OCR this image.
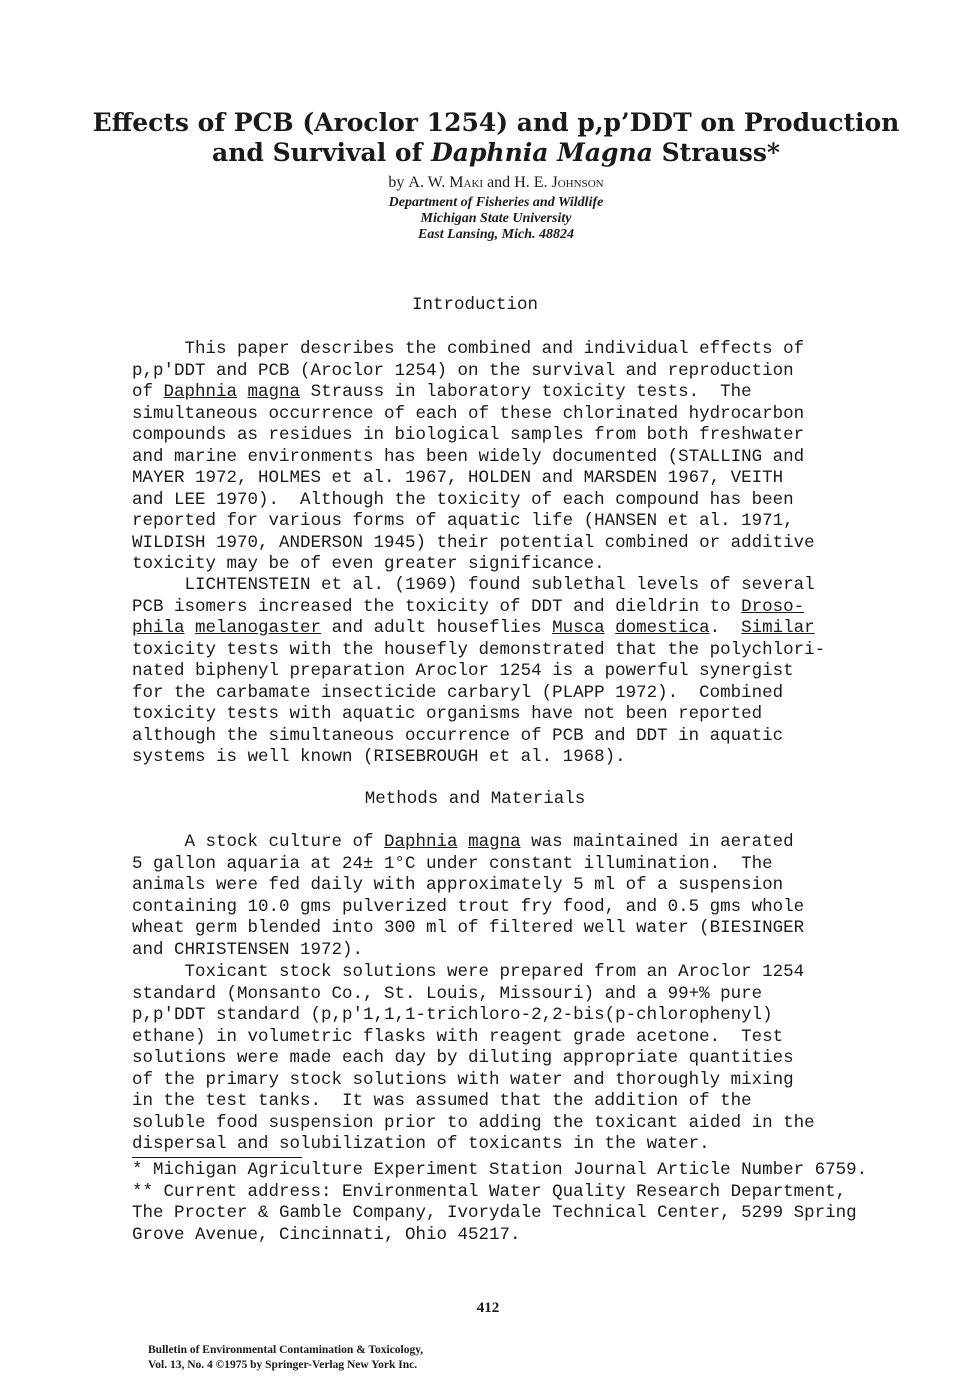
Effects of PCB (Aroclor 1254) and p,p’DDT on Production
and Survival of Daphnia Magna Strauss*
by A. W. Maki and H. E. Johnson
Department of Fisheries and Wildlife
Michigan State University
East Lansing, Mich. 48824
Introduction
This paper describes the combined and individual effects of
p,p'DDT and PCB (Aroclor 1254) on the survival and reproduction
of Daphnia magna Strauss in laboratory toxicity tests.  The
simultaneous occurrence of each of these chlorinated hydrocarbon
compounds as residues in biological samples from both freshwater
and marine environments has been widely documented (STALLING and
MAYER 1972, HOLMES et al. 1967, HOLDEN and MARSDEN 1967, VEITH
and LEE 1970).  Although the toxicity of each compound has been
reported for various forms of aquatic life (HANSEN et al. 1971,
WILDISH 1970, ANDERSON 1945) their potential combined or additive
toxicity may be of even greater significance.
LICHTENSTEIN et al. (1969) found sublethal levels of several
PCB isomers increased the toxicity of DDT and dieldrin to Droso-
phila melanogaster and adult houseflies Musca domestica.  Similar
toxicity tests with the housefly demonstrated that the polychlori-
nated biphenyl preparation Aroclor 1254 is a powerful synergist
for the carbamate insecticide carbaryl (PLAPP 1972).  Combined
toxicity tests with aquatic organisms have not been reported
although the simultaneous occurrence of PCB and DDT in aquatic
systems is well known (RISEBROUGH et al. 1968).
Methods and Materials
A stock culture of Daphnia magna was maintained in aerated
5 gallon aquaria at 24± 1°C under constant illumination.  The
animals were fed daily with approximately 5 ml of a suspension
containing 10.0 gms pulverized trout fry food, and 0.5 gms whole
wheat germ blended into 300 ml of filtered well water (BIESINGER
and CHRISTENSEN 1972).
Toxicant stock solutions were prepared from an Aroclor 1254
standard (Monsanto Co., St. Louis, Missouri) and a 99+% pure
p,p'DDT standard (p,p'1,1,1-trichloro-2,2-bis(p-chlorophenyl)
ethane) in volumetric flasks with reagent grade acetone.  Test
solutions were made each day by diluting appropriate quantities
of the primary stock solutions with water and thoroughly mixing
in the test tanks.  It was assumed that the addition of the
soluble food suspension prior to adding the toxicant aided in the
dispersal and solubilization of toxicants in the water.
* Michigan Agriculture Experiment Station Journal Article Number 6759.
** Current address: Environmental Water Quality Research Department,
The Procter & Gamble Company, Ivorydale Technical Center, 5299 Spring
Grove Avenue, Cincinnati, Ohio 45217.
412
Bulletin of Environmental Contamination & Toxicology,
Vol. 13, No. 4 ©1975 by Springer-Verlag New York Inc.
